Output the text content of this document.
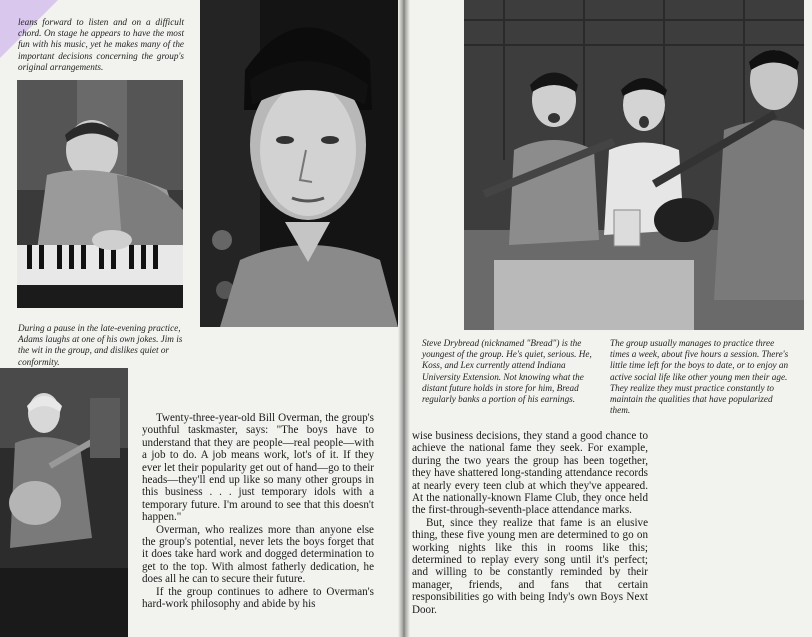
leans forward to listen and on a difficult chord. On stage he appears to have the most fun with his music, yet he makes many of the important decisions concerning the group's original arrangements.
During a pause in the late-evening practice, Adams laughs at one of his own jokes. Jim is the wit in the group, and dislikes quiet or conformity.

Twenty-three-year-old Bill Overman, the group's youthful taskmaster, says: "The boys have to understand that they are people—real people—with a job to do. A job means work, lot's of it. If they ever let their popularity get out of hand—go to their heads—they'll end up like so many other groups in this business . . . just temporary idols with a temporary future. I'm around to see that this doesn't happen."

Overman, who realizes more than anyone else the group's potential, never lets the boys forget that it does take hard work and dogged determination to get to the top. With almost fatherly dedication, he does all he can to secure their future.

If the group continues to adhere to Overman's hard-work philosophy and abide by his

Steve Drybread (nicknamed "Bread") is the youngest of the group. He's quiet, serious. He, Koss, and Lex currently attend Indiana University Extension. Not knowing what the distant future holds in store for him, Bread regularly banks a portion of his earnings.
The group usually manages to practice three times a week, about five hours a session. There's little time left for the boys to date, or to enjoy an active social life like other young men their age. They realize they must practice constantly to maintain the qualities that have popularized them.

wise business decisions, they stand a good chance to achieve the national fame they seek. For example, during the two years the group has been together, they have shattered long-standing attendance records at nearly every teen club at which they've appeared. At the nationally-known Flame Club, they once held the first-through-seventh-place attendance marks.

But, since they realize that fame is an elusive thing, these five young men are determined to go on working nights like this in rooms like this; determined to replay every song until it's perfect; and willing to be constantly reminded by their manager, friends, and fans that certain responsibilities go with being Indy's own Boys Next Door.
